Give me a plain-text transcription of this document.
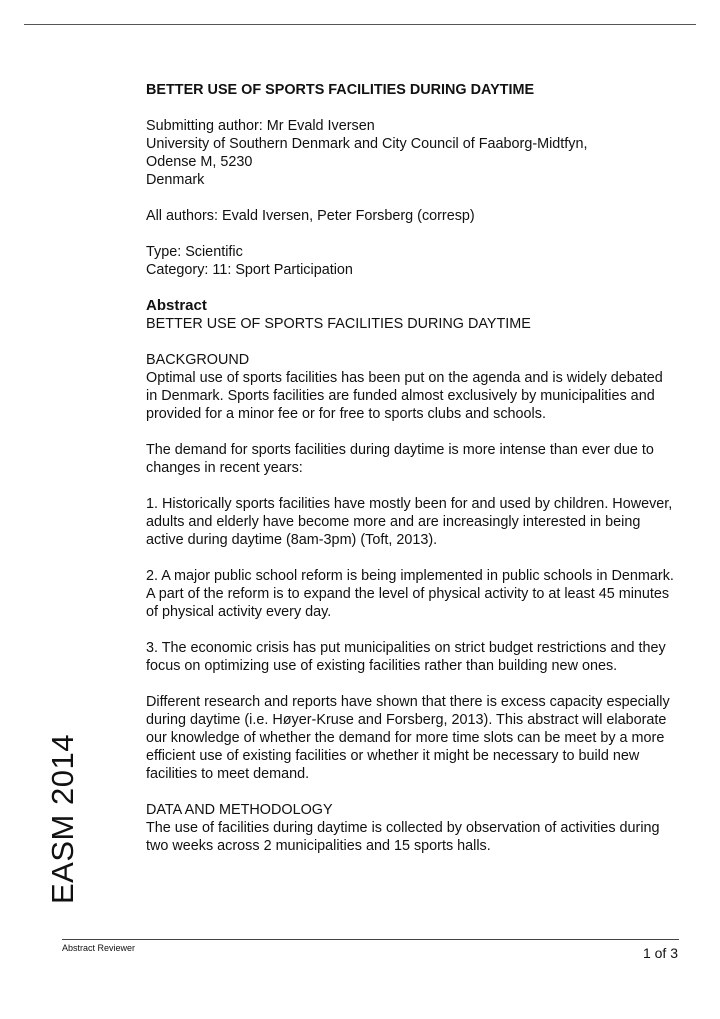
BETTER USE OF SPORTS FACILITIES DURING DAYTIME

Submitting author: Mr Evald Iversen
University of Southern Denmark and City Council of Faaborg-Midtfyn,
Odense M, 5230
Denmark

All authors: Evald Iversen, Peter Forsberg (corresp)

Type: Scientific
Category: 11: Sport Participation

Abstract
BETTER USE OF SPORTS FACILITIES DURING DAYTIME

BACKGROUND
Optimal use of sports facilities has been put on the agenda and is widely debated in Denmark. Sports facilities are funded almost exclusively by municipalities and provided for a minor fee or for free to sports clubs and schools.

The demand for sports facilities during daytime is more intense than ever due to changes in recent years:

1. Historically sports facilities have mostly been for and used by children. However, adults and elderly have become more and are increasingly interested in being active during daytime (8am-3pm) (Toft, 2013).

2. A major public school reform is being implemented in public schools in Denmark. A part of the reform is to expand the level of physical activity to at least 45 minutes of physical activity every day.

3. The economic crisis has put municipalities on strict budget restrictions and they focus on optimizing use of existing facilities rather than building new ones.

Different research and reports have shown that there is excess capacity especially during daytime (i.e. Høyer-Kruse and Forsberg, 2013). This abstract will elaborate our knowledge of whether the demand for more time slots can be meet by a more efficient use of existing facilities or whether it might be necessary to build new facilities to meet demand.

DATA AND METHODOLOGY
The use of facilities during daytime is collected by observation of activities during two weeks across 2 municipalities and 15 sports halls.

EASM 2014
Abstract Reviewer	1 of 3
